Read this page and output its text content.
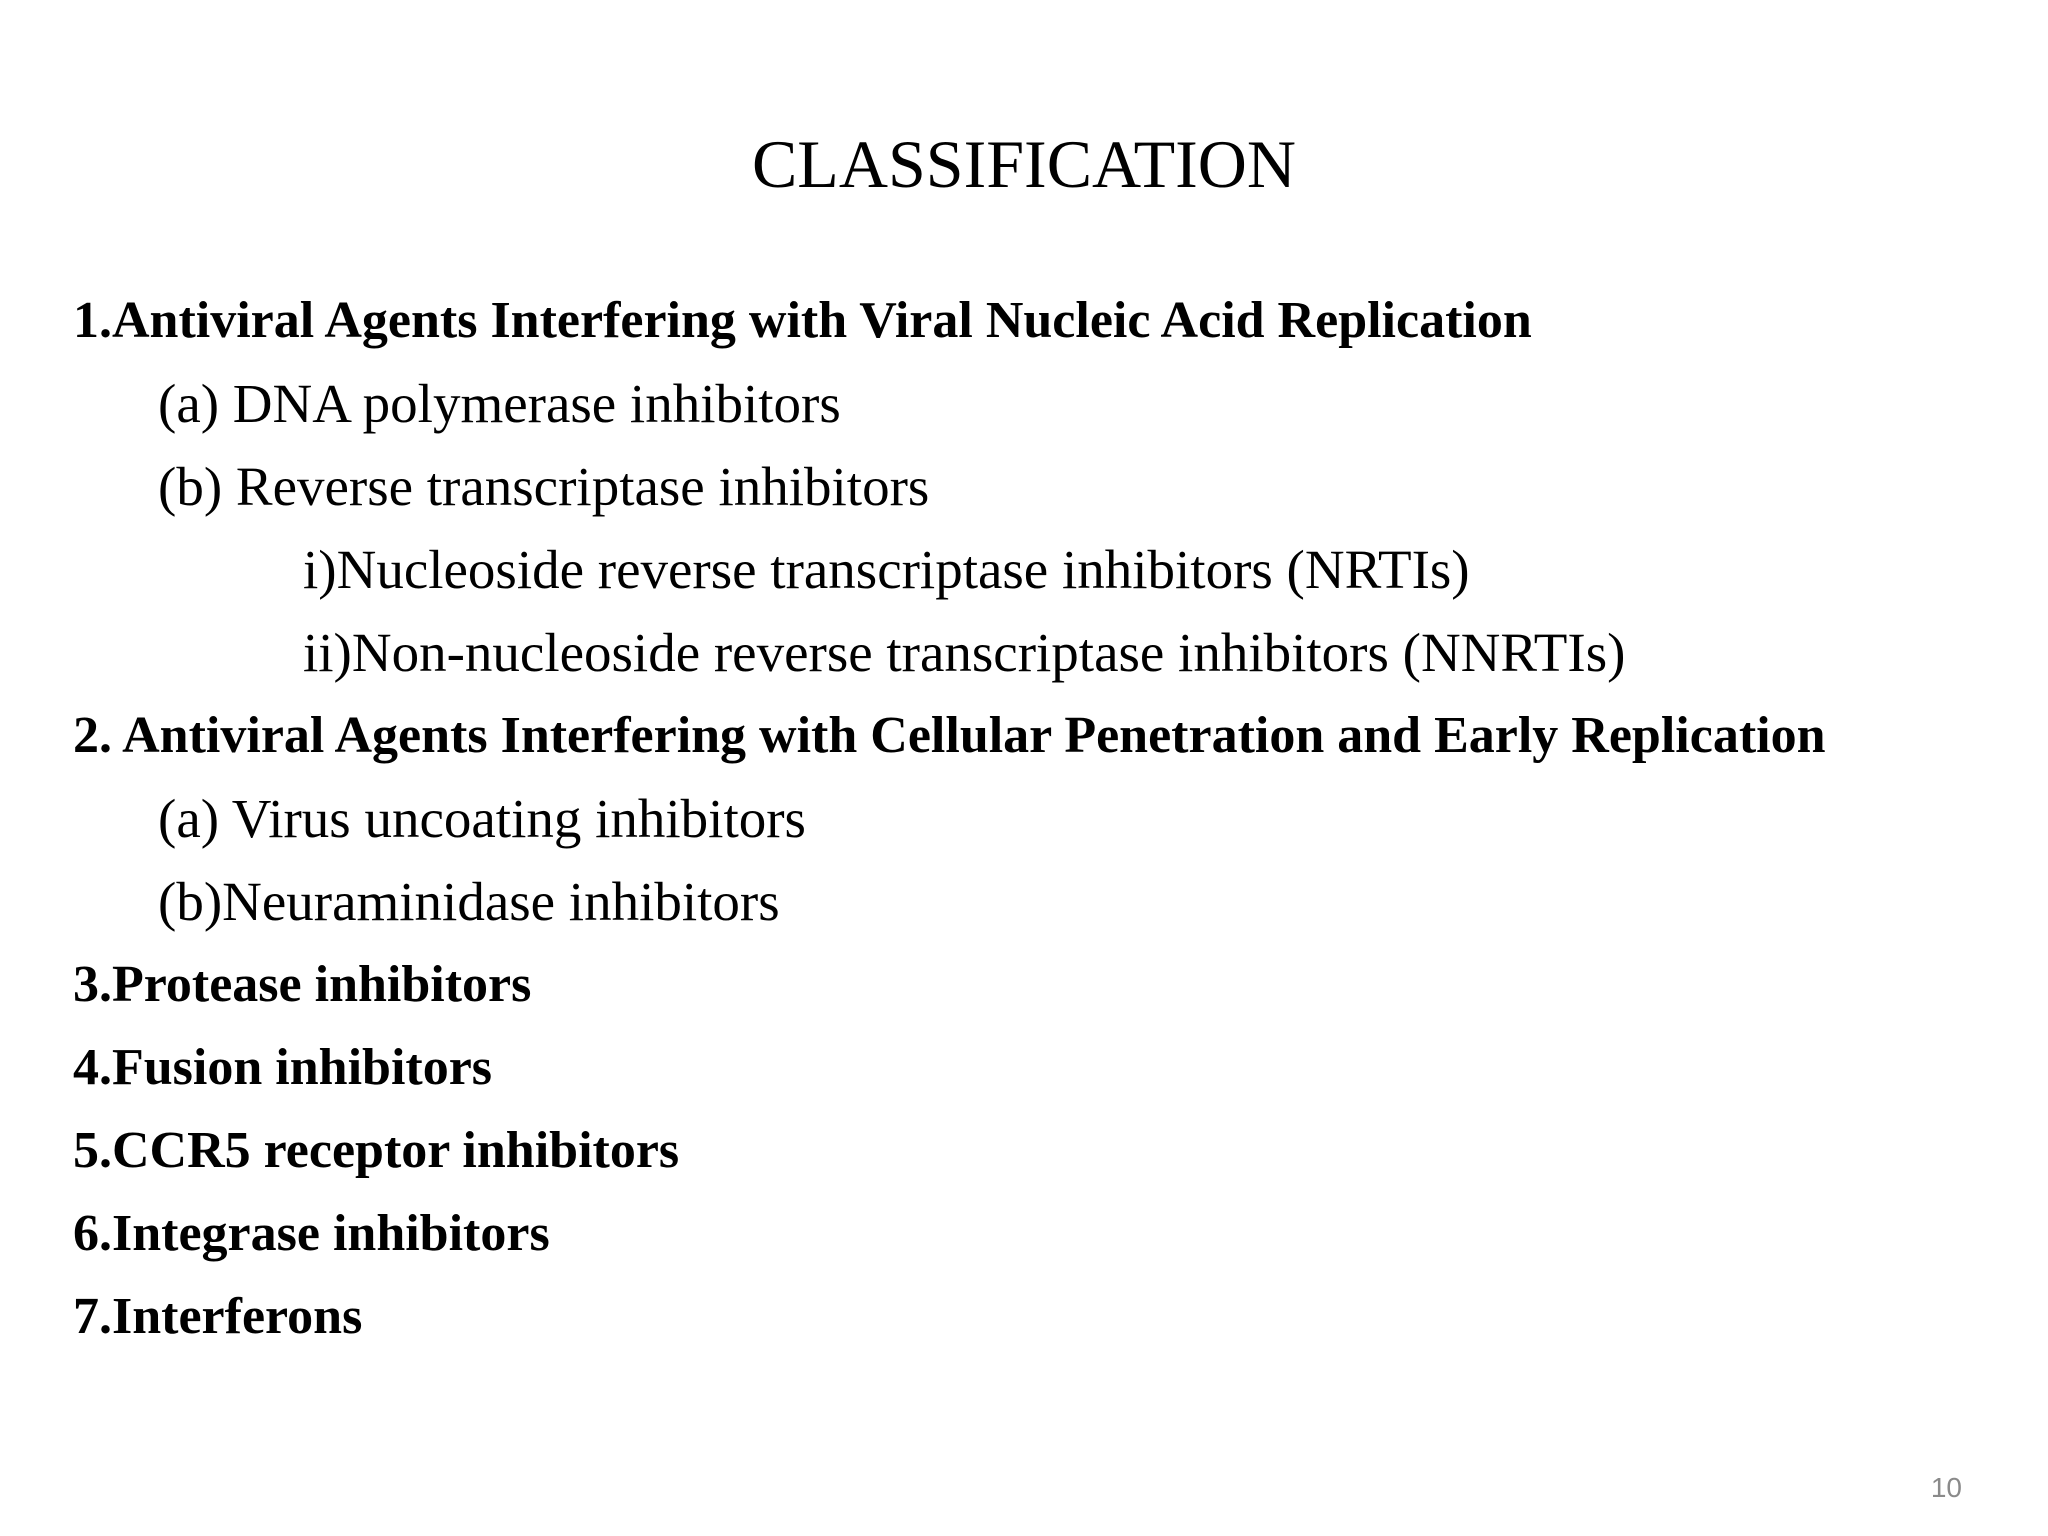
CLASSIFICATION
1.Antiviral Agents Interfering with Viral Nucleic Acid Replication
(a) DNA polymerase inhibitors
(b) Reverse transcriptase inhibitors
i)Nucleoside reverse transcriptase inhibitors (NRTIs)
ii)Non-nucleoside reverse transcriptase inhibitors (NNRTIs)
2. Antiviral Agents Interfering with Cellular Penetration and Early Replication
(a) Virus uncoating inhibitors
(b)Neuraminidase inhibitors
3.Protease inhibitors
4.Fusion inhibitors
5.CCR5 receptor inhibitors
6.Integrase inhibitors
7.Interferons
10
